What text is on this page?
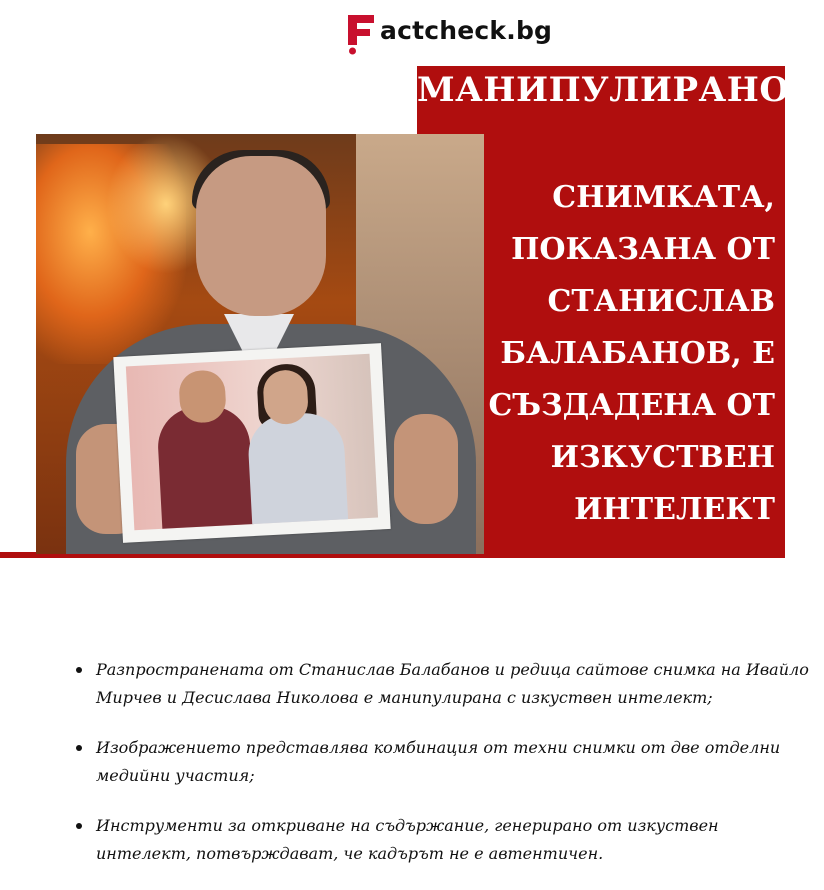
actcheck.bg
МАНИПУЛИРАНО
СНИМКАТА,
ПОКАЗАНА ОТ
СТАНИСЛАВ
БАЛАБАНОВ, Е
СЪЗДАДЕНА ОТ
ИЗКУСТВЕН
ИНТЕЛЕКТ
Разпространената от Станислав Балабанов и редица сайтове снимка на Ивайло Мирчев и Десислава Николова е манипулирана с изкуствен интелект;
Изображението представлява комбинация от техни снимки от две отделни медийни участия;
Инструменти за откриване на съдържание, генерирано от изкуствен интелект, потвърждават, че кадърът не е автентичен.
